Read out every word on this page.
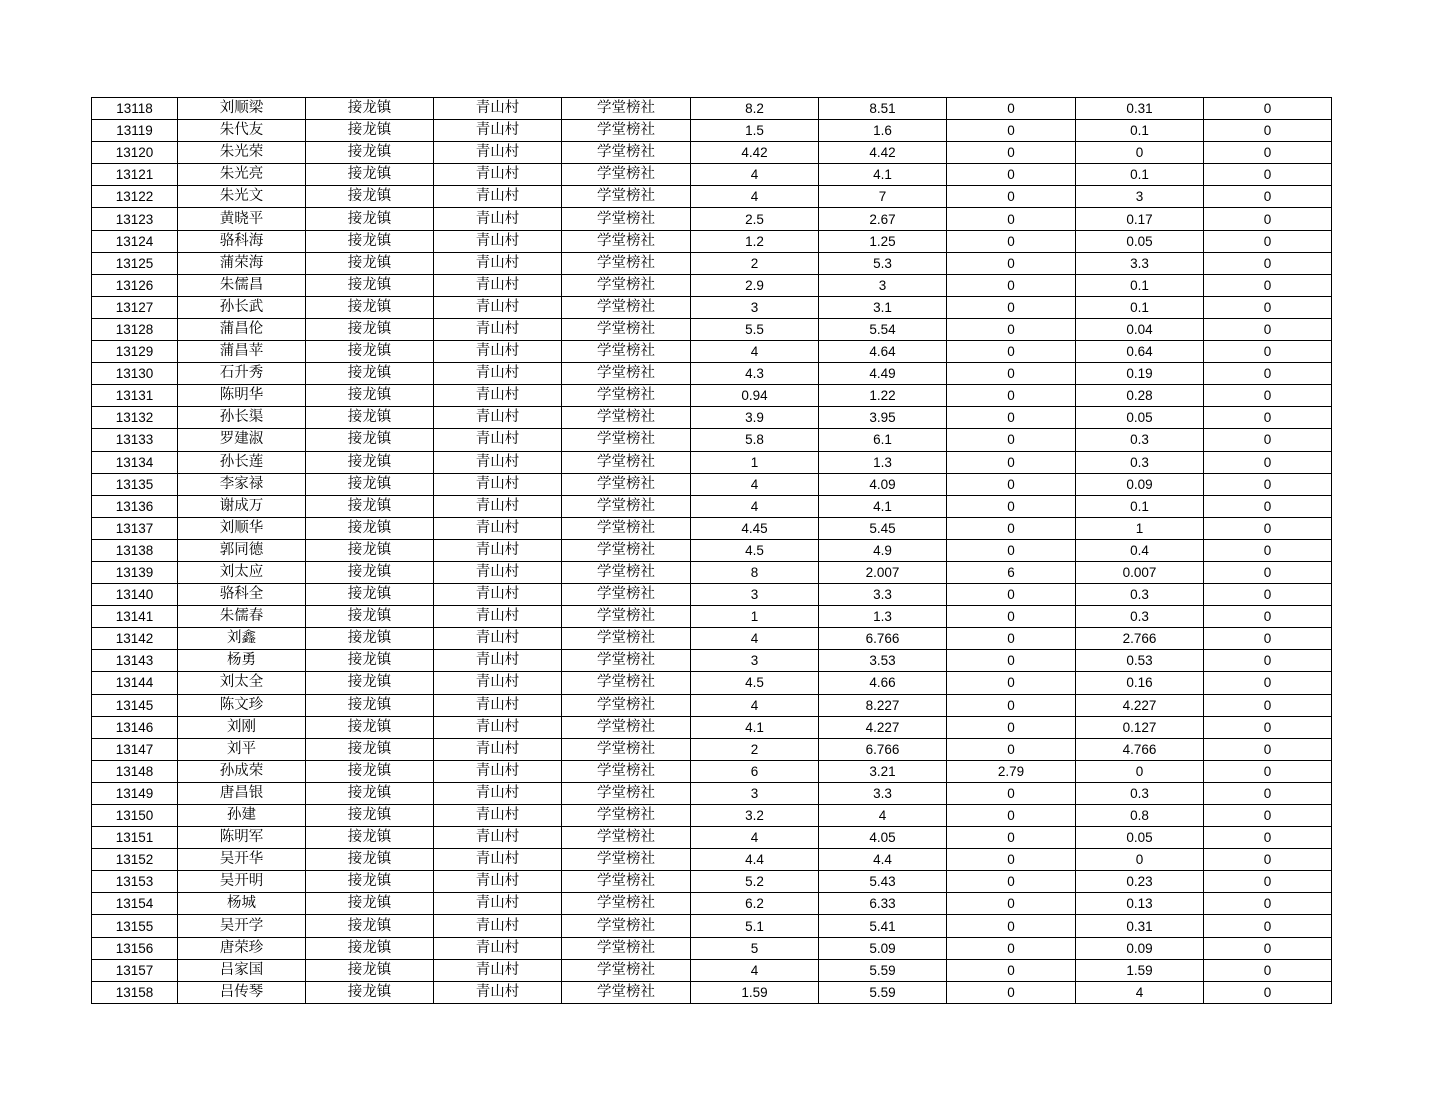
13118	刘顺梁	接龙镇	青山村	学堂榜社	8.2	8.51	0	0.31	0
13119	朱代友	接龙镇	青山村	学堂榜社	1.5	1.6	0	0.1	0
13120	朱光荣	接龙镇	青山村	学堂榜社	4.42	4.42	0	0	0
13121	朱光亮	接龙镇	青山村	学堂榜社	4	4.1	0	0.1	0
13122	朱光文	接龙镇	青山村	学堂榜社	4	7	0	3	0
13123	黄晓平	接龙镇	青山村	学堂榜社	2.5	2.67	0	0.17	0
13124	骆科海	接龙镇	青山村	学堂榜社	1.2	1.25	0	0.05	0
13125	蒲荣海	接龙镇	青山村	学堂榜社	2	5.3	0	3.3	0
13126	朱儒昌	接龙镇	青山村	学堂榜社	2.9	3	0	0.1	0
13127	孙长武	接龙镇	青山村	学堂榜社	3	3.1	0	0.1	0
13128	蒲昌伦	接龙镇	青山村	学堂榜社	5.5	5.54	0	0.04	0
13129	蒲昌苹	接龙镇	青山村	学堂榜社	4	4.64	0	0.64	0
13130	石升秀	接龙镇	青山村	学堂榜社	4.3	4.49	0	0.19	0
13131	陈明华	接龙镇	青山村	学堂榜社	0.94	1.22	0	0.28	0
13132	孙长渠	接龙镇	青山村	学堂榜社	3.9	3.95	0	0.05	0
13133	罗建淑	接龙镇	青山村	学堂榜社	5.8	6.1	0	0.3	0
13134	孙长莲	接龙镇	青山村	学堂榜社	1	1.3	0	0.3	0
13135	李家禄	接龙镇	青山村	学堂榜社	4	4.09	0	0.09	0
13136	谢成万	接龙镇	青山村	学堂榜社	4	4.1	0	0.1	0
13137	刘顺华	接龙镇	青山村	学堂榜社	4.45	5.45	0	1	0
13138	郭同德	接龙镇	青山村	学堂榜社	4.5	4.9	0	0.4	0
13139	刘太应	接龙镇	青山村	学堂榜社	8	2.007	6	0.007	0
13140	骆科全	接龙镇	青山村	学堂榜社	3	3.3	0	0.3	0
13141	朱儒春	接龙镇	青山村	学堂榜社	1	1.3	0	0.3	0
13142	刘鑫	接龙镇	青山村	学堂榜社	4	6.766	0	2.766	0
13143	杨勇	接龙镇	青山村	学堂榜社	3	3.53	0	0.53	0
13144	刘太全	接龙镇	青山村	学堂榜社	4.5	4.66	0	0.16	0
13145	陈文珍	接龙镇	青山村	学堂榜社	4	8.227	0	4.227	0
13146	刘刚	接龙镇	青山村	学堂榜社	4.1	4.227	0	0.127	0
13147	刘平	接龙镇	青山村	学堂榜社	2	6.766	0	4.766	0
13148	孙成荣	接龙镇	青山村	学堂榜社	6	3.21	2.79	0	0
13149	唐昌银	接龙镇	青山村	学堂榜社	3	3.3	0	0.3	0
13150	孙建	接龙镇	青山村	学堂榜社	3.2	4	0	0.8	0
13151	陈明军	接龙镇	青山村	学堂榜社	4	4.05	0	0.05	0
13152	吴开华	接龙镇	青山村	学堂榜社	4.4	4.4	0	0	0
13153	吴开明	接龙镇	青山村	学堂榜社	5.2	5.43	0	0.23	0
13154	杨城	接龙镇	青山村	学堂榜社	6.2	6.33	0	0.13	0
13155	吴开学	接龙镇	青山村	学堂榜社	5.1	5.41	0	0.31	0
13156	唐荣珍	接龙镇	青山村	学堂榜社	5	5.09	0	0.09	0
13157	吕家国	接龙镇	青山村	学堂榜社	4	5.59	0	1.59	0
13158	吕传琴	接龙镇	青山村	学堂榜社	1.59	5.59	0	4	0
